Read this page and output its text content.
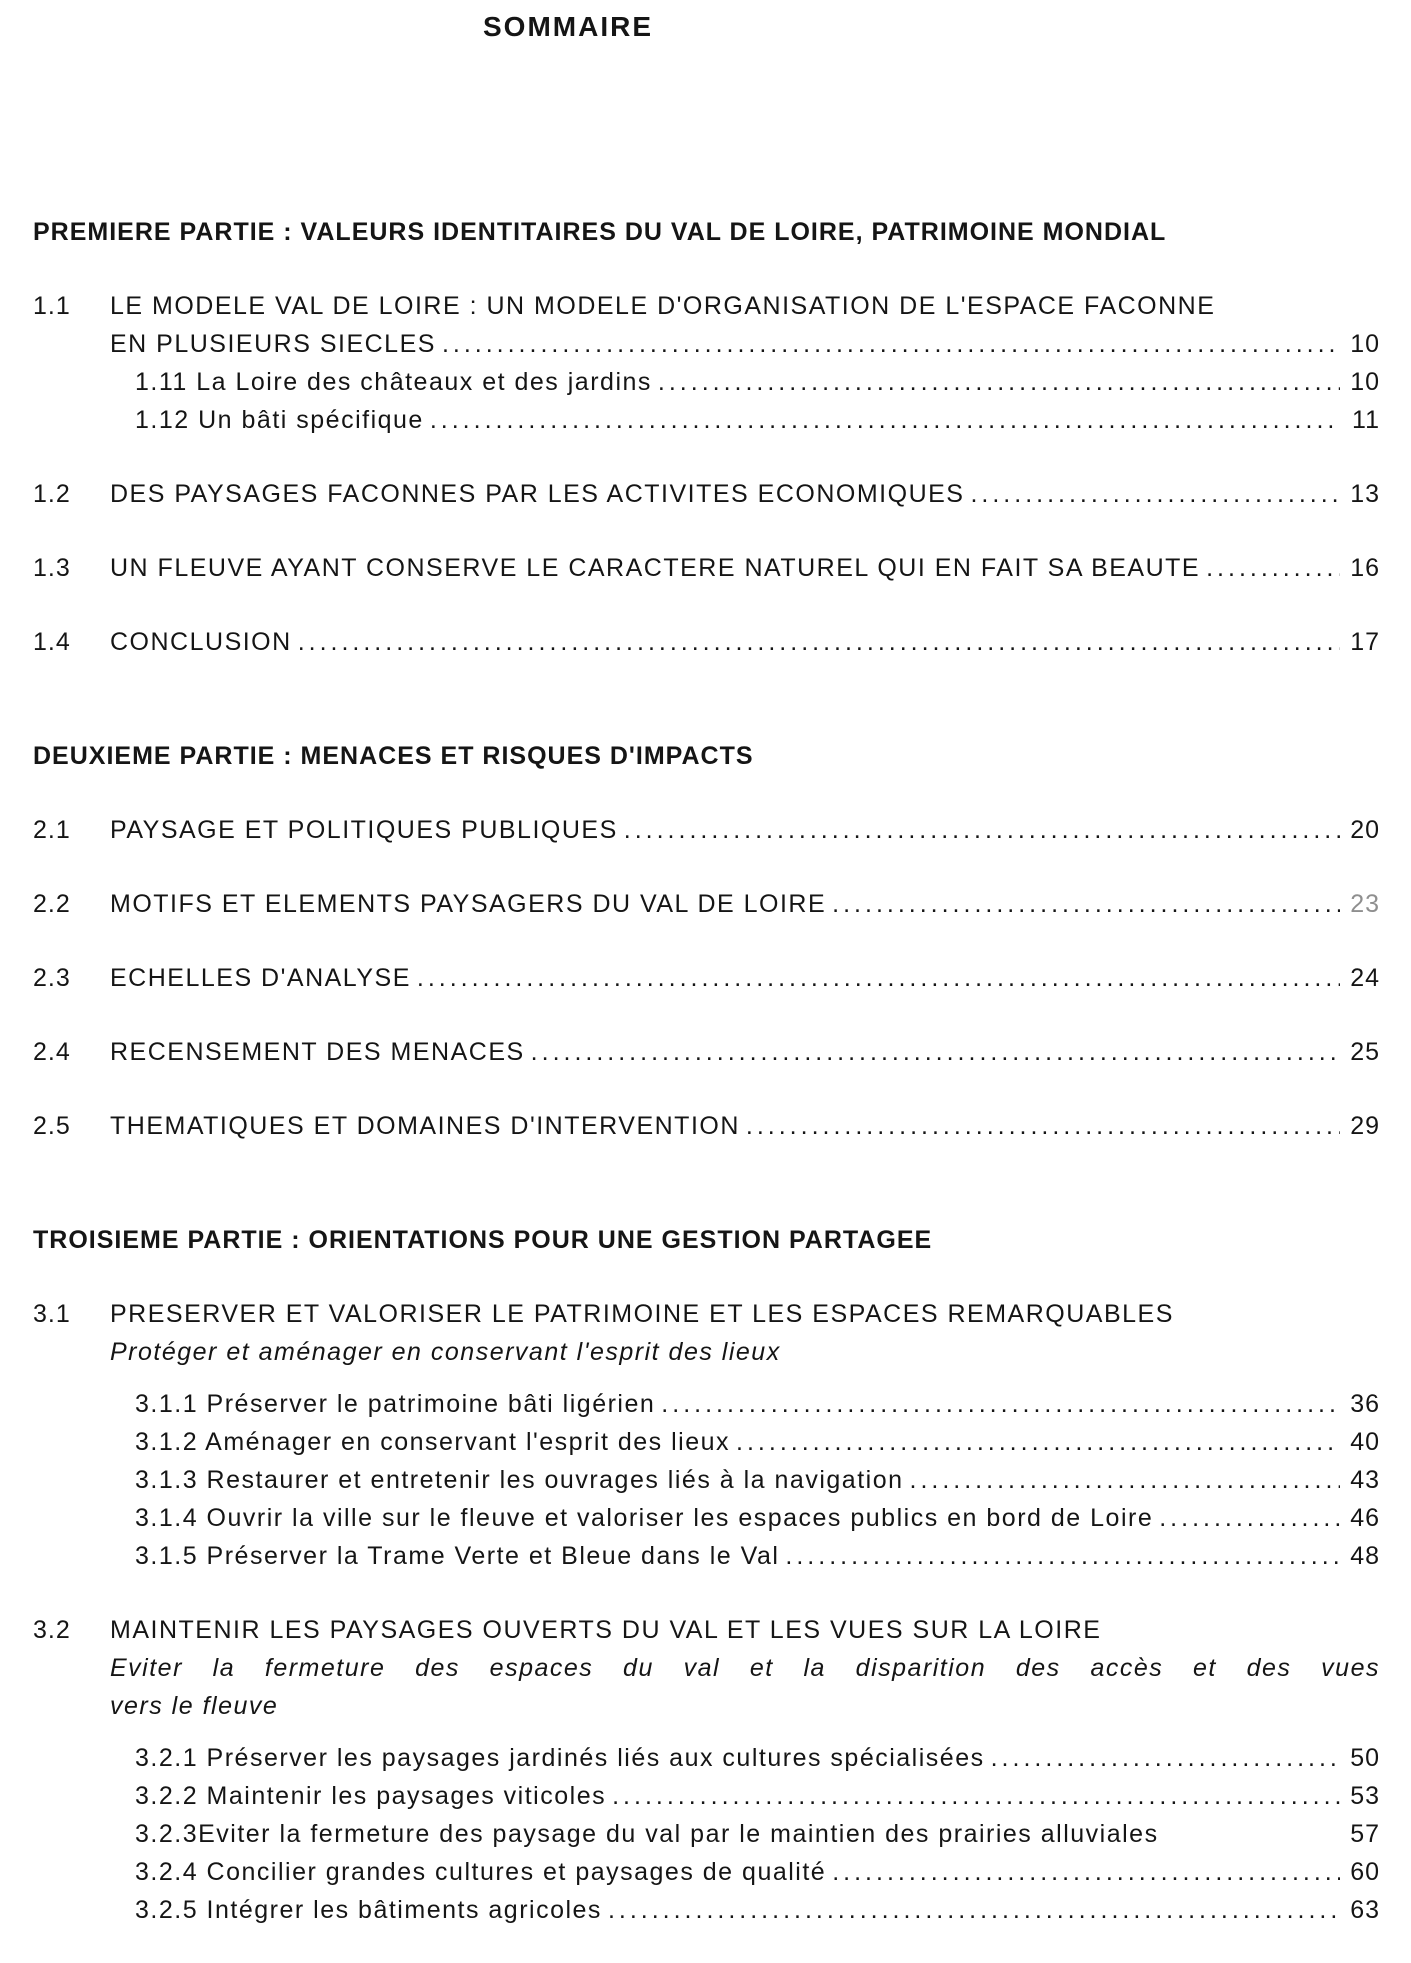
SOMMAIRE
PREMIERE PARTIE : VALEURS IDENTITAIRES DU VAL DE LOIRE, PATRIMOINE MONDIAL
1.1	LE MODELE VAL DE LOIRE : UN MODELE D'ORGANISATION DE L'ESPACE FACONNE
EN PLUSIEURS SIECLES .....	10
1.11 La Loire des châteaux et des jardins .....	10
1.12 Un bâti spécifique .....	11
1.2	DES PAYSAGES FACONNES PAR LES ACTIVITES ECONOMIQUES .....	13
1.3	UN FLEUVE AYANT CONSERVE LE CARACTERE NATUREL QUI EN FAIT SA BEAUTE .....	16
1.4	CONCLUSION .....	17
DEUXIEME PARTIE : MENACES ET RISQUES D'IMPACTS
2.1	PAYSAGE ET POLITIQUES PUBLIQUES .....	20
2.2	MOTIFS ET ELEMENTS PAYSAGERS DU VAL DE LOIRE .....	23
2.3	ECHELLES D'ANALYSE .....	24
2.4	RECENSEMENT DES MENACES .....	25
2.5	THEMATIQUES ET DOMAINES D'INTERVENTION .....	29
TROISIEME PARTIE : ORIENTATIONS POUR UNE GESTION PARTAGEE
3.1	PRESERVER ET VALORISER LE PATRIMOINE ET LES ESPACES REMARQUABLES
Protéger et aménager en conservant l'esprit des lieux
3.1.1 Préserver le patrimoine bâti ligérien .....	36
3.1.2 Aménager en conservant l'esprit des lieux .....	40
3.1.3 Restaurer et entretenir les ouvrages liés à la navigation .....	43
3.1.4 Ouvrir la ville sur le fleuve et valoriser les espaces publics en bord de Loire .....	46
3.1.5 Préserver la Trame Verte et Bleue dans le Val .....	48
3.2	MAINTENIR LES PAYSAGES OUVERTS DU VAL ET LES VUES SUR LA LOIRE
Eviter la fermeture des espaces du val et la disparition des accès et des vues
vers le fleuve
3.2.1 Préserver les paysages jardinés liés aux cultures spécialisées .....	50
3.2.2 Maintenir les paysages viticoles .....	53
3.2.3Eviter la fermeture des paysage du val par le maintien des prairies alluviales	57
3.2.4 Concilier grandes cultures et paysages de qualité .....	60
3.2.5 Intégrer les bâtiments agricoles .....	63
